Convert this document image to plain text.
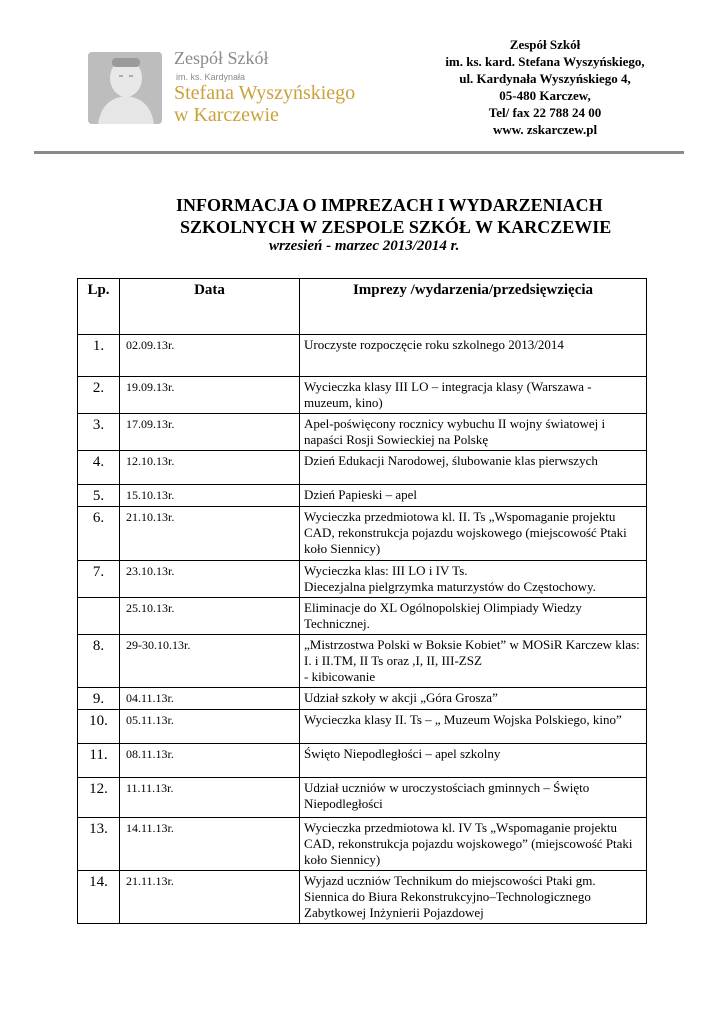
Zespół Szkół
im. ks. Kardynała
Stefana Wyszyńskiego
w Karczewie
Zespół Szkół
im. ks. kard. Stefana Wyszyńskiego,
ul. Kardynała Wyszyńskiego 4,
05-480 Karczew,
Tel/ fax 22 788 24 00
www. zskarczew.pl
INFORMACJA O IMPREZACH I WYDARZENIACH
SZKOLNYCH W ZESPOLE SZKÓŁ W KARCZEWIE
wrzesień - marzec 2013/2014 r.
Lp.	Data	Imprezy /wydarzenia/przedsięwzięcia
1.	02.09.13r.	Uroczyste rozpoczęcie roku szkolnego 2013/2014
2.	19.09.13r.	Wycieczka klasy III LO – integracja klasy (Warszawa - muzeum, kino)
3.	17.09.13r.	Apel-poświęcony rocznicy wybuchu II wojny światowej i napaści Rosji Sowieckiej na Polskę
4.	12.10.13r.	Dzień Edukacji Narodowej, ślubowanie klas pierwszych
5.	15.10.13r.	Dzień Papieski – apel
6.	21.10.13r.	Wycieczka przedmiotowa kl. II. Ts „Wspomaganie projektu CAD, rekonstrukcja pojazdu wojskowego (miejscowość Ptaki koło Siennicy)
7.	23.10.13r.	Wycieczka klas: III LO i IV Ts.
Diecezjalna pielgrzymka maturzystów do Częstochowy.
	25.10.13r.	Eliminacje do XL Ogólnopolskiej Olimpiady Wiedzy Technicznej.
8.	29-30.10.13r.	„Mistrzostwa Polski w Boksie Kobiet” w MOSiR Karczew klas: I. i II.TM, II Ts oraz ,I, II, III-ZSZ
- kibicowanie
9.	04.11.13r.	Udział szkoły w akcji „Góra Grosza”
10.	05.11.13r.	Wycieczka klasy II. Ts – „ Muzeum Wojska Polskiego, kino”
11.	08.11.13r.	Święto Niepodległości – apel szkolny
12.	11.11.13r.	Udział uczniów w uroczystościach gminnych – Święto Niepodległości
13.	14.11.13r.	Wycieczka przedmiotowa kl. IV Ts „Wspomaganie projektu CAD, rekonstrukcja pojazdu wojskowego” (miejscowość Ptaki koło Siennicy)
14.	21.11.13r.	Wyjazd uczniów Technikum do miejscowości Ptaki gm. Siennica do Biura Rekonstrukcyjno–Technologicznego Zabytkowej Inżynierii Pojazdowej
